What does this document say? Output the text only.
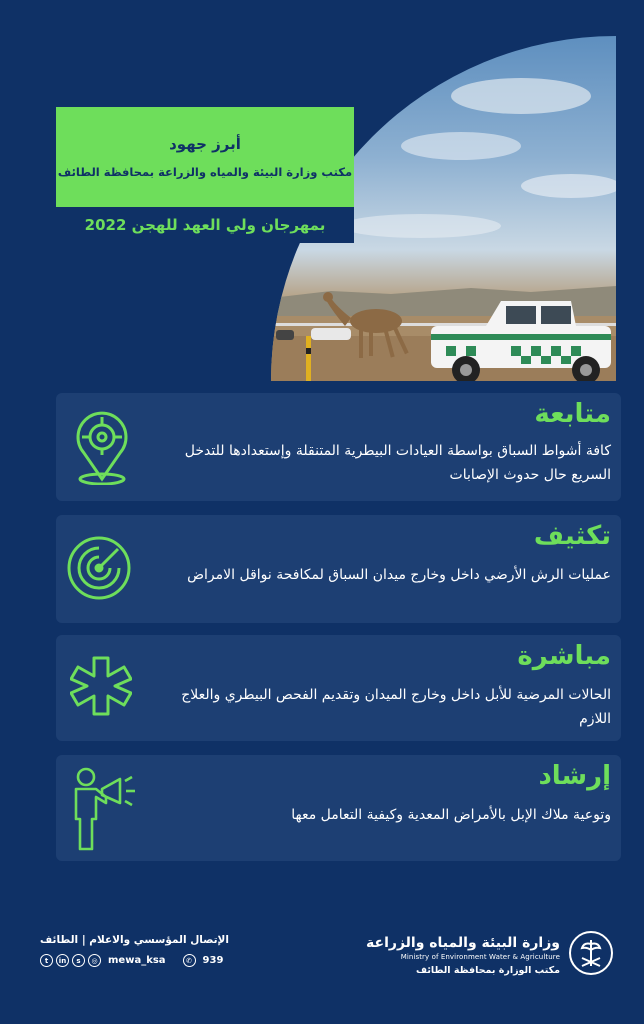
أبرز جهود
مكتب وزارة البيئة والمياه والزراعة بمحافظة الطائف
بمهرجان ولي العهد للهجن 2022
متابعة
كافة أشواط السباق بواسطة العيادات البيطرية المتنقلة وإستعدادها للتدخل السريع حال حدوث الإصابات
تكثيف
عمليات الرش الأرضي داخل وخارج ميدان السباق لمكافحة نواقل الامراض
مباشرة
الحالات المرضية للأبل داخل وخارج الميدان وتقديم الفحص البيطري والعلاج اللازم
إرشاد
وتوعية ملاك الإبل بالأمراض المعدية وكيفية التعامل معها
الإتصال المؤسسي والاعلام | الطائف
t	in	s	◎	mewa_ksa	✆	939
وزارة البيئة والمياه والزراعة
Ministry of Environment Water & Agriculture
مكتب الوزارة بمحافظة الطائف
